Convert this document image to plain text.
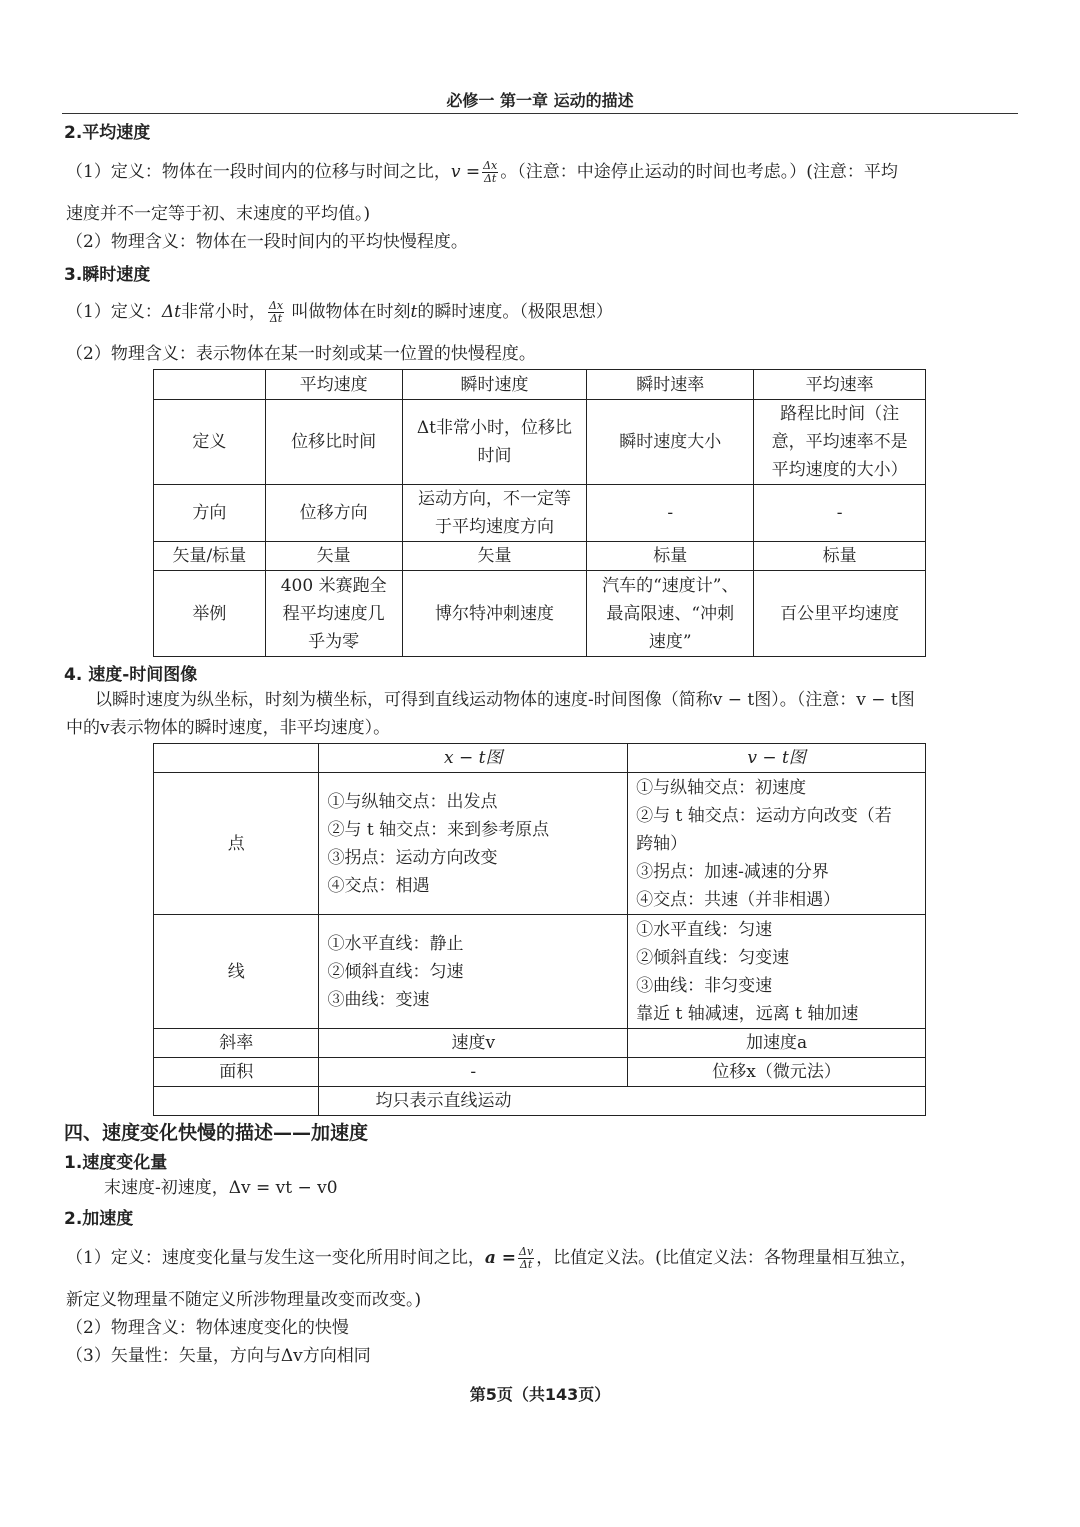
必修一 第一章 运动的描述
2.平均速度
（1）定义：物体在一段时间内的位移与时间之比，$v = \frac{\Delta x}{\Delta t}$ 。（注意：中途停止运动的时间也考虑。）(注意：平均
速度并不一定等于初、末速度的平均值。)
（2）物理含义：物体在一段时间内的平均快慢程度。
3.瞬时速度
（1）定义：Δt非常小时， $\frac{\Delta x}{\Delta t}$ 叫做物体在时刻t的瞬时速度。（极限思想）
（2）物理含义：表示物体在某一时刻或某一位置的快慢程度。
	平均速度	瞬时速度	瞬时速率	平均速率

定义	位移比时间	Δt非常小时，位移比
时间	瞬时速度大小	路程比时间（注
意，平均速率不是
平均速度的大小）

方向	位移方向	运动方向，不一定等
于平均速度方向	-	-

矢量/标量	矢量	矢量	标量	标量

举例	400 米赛跑全
程平均速度几
乎为零	博尔特冲刺速度	汽车的“速度计”、
最高限速、“冲刺
速度”	百公里平均速度
4. 速度-时间图像
以瞬时速度为纵坐标，时刻为横坐标，可得到直线运动物体的速度-时间图像（简称v − t图）。（注意：v − t图
中的v表示物体的瞬时速度，非平均速度）。
	x − t图	v − t图

点	①与纵轴交点：出发点
②与 t 轴交点：来到参考原点
③拐点：运动方向改变
④交点：相遇	①与纵轴交点：初速度
②与 t 轴交点：运动方向改变（若
跨轴）
③拐点：加速-减速的分界
④交点：共速（并非相遇）

线	①水平直线：静止
②倾斜直线：匀速
③曲线：变速	①水平直线：匀速
②倾斜直线：匀变速
③曲线：非匀变速
靠近 t 轴减速，远离 t 轴加速

斜率	速度v	加速度a

面积	-	位移x（微元法）

	均只表示直线运动	
四、速度变化快慢的描述——加速度
1.速度变化量
末速度-初速度，Δv = vt − v0
2.加速度
（1）定义：速度变化量与发生这一变化所用时间之比，$a = \frac{\Delta v}{\Delta t}$ ，比值定义法。(比值定义法：各物理量相互独立，
新定义物理量不随定义所涉物理量改变而改变。)
（2）物理含义：物体速度变化的快慢
（3）矢量性：矢量，方向与Δv方向相同
第5页（共143页）
